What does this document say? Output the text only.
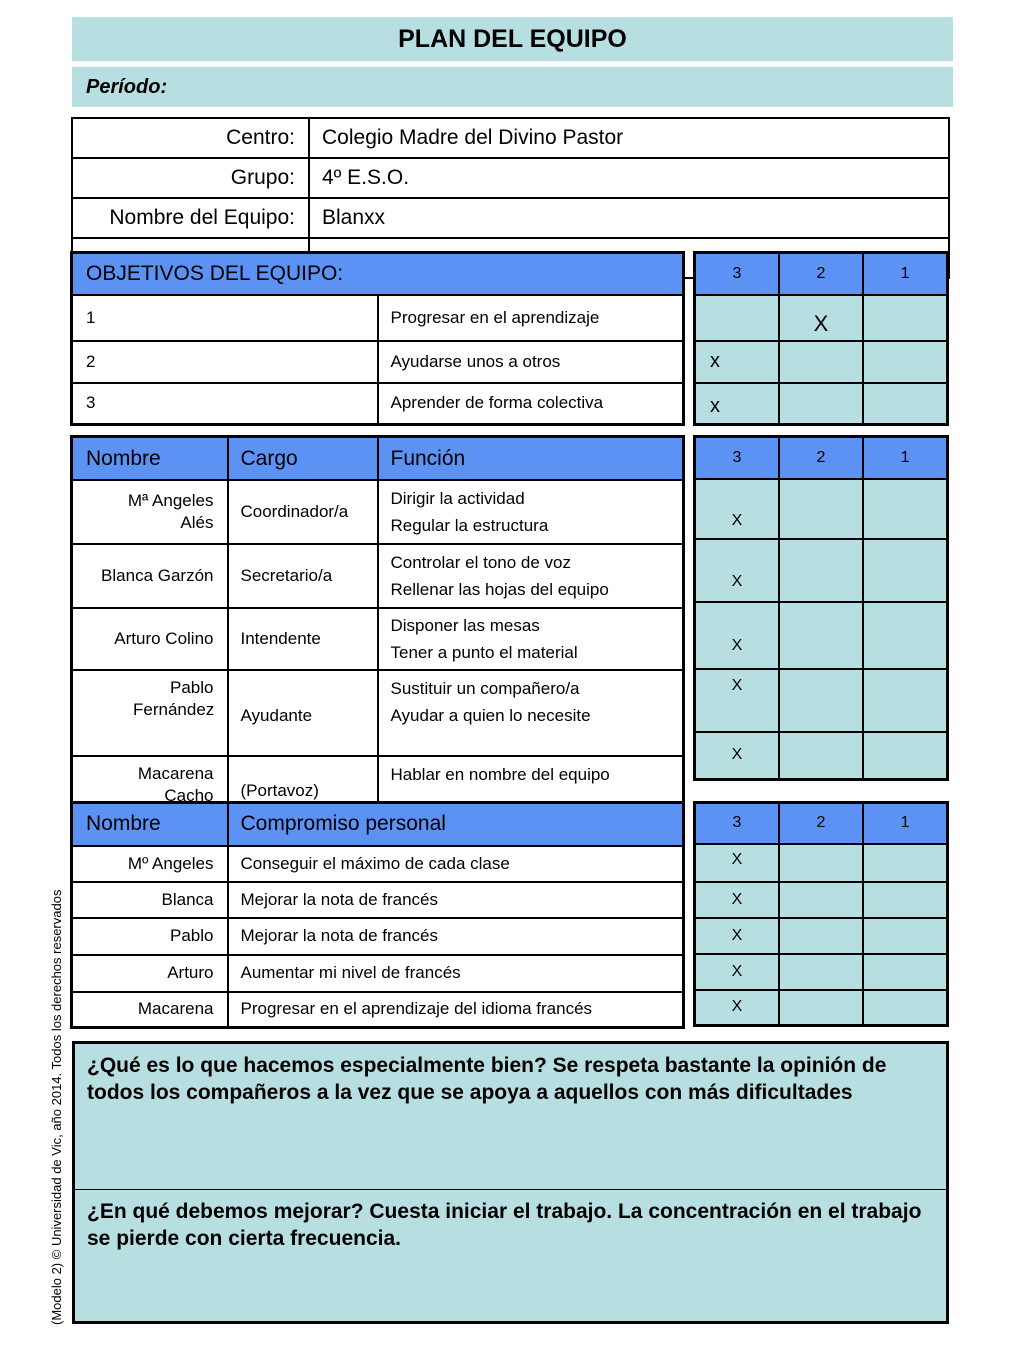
PLAN DEL EQUIPO
Período:
Centro:	Colegio Madre del Divino Pastor
Grupo:	4º E.S.O.
Nombre del Equipo:	Blanxx

OBJETIVOS DEL EQUIPO:	
1	Progresar en el aprendizaje
2	Ayudarse unos a otros
3	Aprender de forma colectiva
3	2	1
	X	
x		
x		
Nombre	Cargo	Función
Mª Angeles Alés	Coordinador/a	Dirigir la actividad
Regular la estructura

Blanca Garzón	Secretario/a	Controlar el tono de voz
Rellenar las hojas del equipo

Arturo Colino	Intendente	Disponer las mesas
Tener a punto el material

Pablo Fernández	Ayudante	Sustituir un compañero/a
Ayudar a quien lo necesite

Macarena Cacho	(Portavoz)	Hablar en nombre del equipo
3	2	1
X		
X		
X		
X		
X		
Nombre	Compromiso personal
Mº Angeles	Conseguir el máximo de cada clase
Blanca	Mejorar la nota de francés
Pablo	Mejorar la nota de francés
Arturo	Aumentar mi nivel de francés
Macarena	Progresar en el aprendizaje del idioma francés
3	2	1
X		
X		
X		
X		
X		
¿Qué es lo que hacemos especialmente bien? Se respeta bastante la opinión de todos los compañeros a la vez que se apoya a aquellos con más dificultades
¿En qué debemos mejorar? Cuesta iniciar el trabajo. La concentración en el trabajo se pierde con cierta frecuencia.
(Modelo 2) © Universidad de Vic, año 2014. Todos los derechos reservados
